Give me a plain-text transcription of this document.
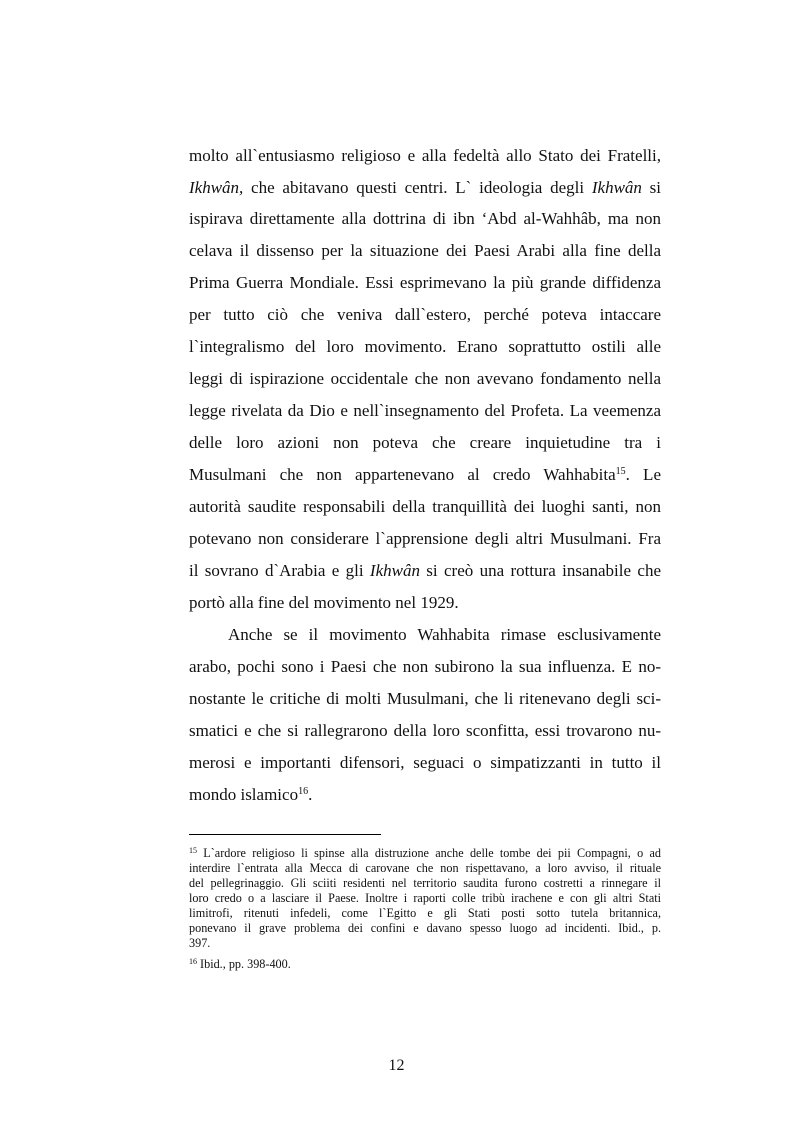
molto all`entusiasmo religioso e alla fedeltà allo Stato dei Fratelli,
Ikhwân, che abitavano questi centri. L` ideologia degli Ikhwân si
ispirava direttamente alla dottrina di ibn ‘Abd al-Wahhâb, ma non
celava il dissenso per la situazione dei Paesi Arabi alla fine della
Prima Guerra Mondiale. Essi esprimevano la più grande diffidenza
per tutto ciò che veniva dall`estero, perché poteva intaccare
l`integralismo del loro movimento. Erano soprattutto ostili alle
leggi di ispirazione occidentale che non avevano fondamento nella
legge rivelata da Dio e nell`insegnamento del Profeta. La veemenza
delle loro azioni non poteva che creare inquietudine tra i
Musulmani che non appartenevano al credo Wahhabita$^{15}$. Le
autorità saudite responsabili della tranquillità dei luoghi santi, non
potevano non considerare l`apprensione degli altri Musulmani. Fra
il sovrano d`Arabia e gli Ikhwân si creò una rottura insanabile che
portò alla fine del movimento nel 1929.
Anche se il movimento Wahhabita rimase esclusivamente
arabo, pochi sono i Paesi che non subirono la sua influenza. E no-
nostante le critiche di molti Musulmani, che li ritenevano degli sci-
smatici e che si rallegrarono della loro sconfitta, essi trovarono nu-
merosi e importanti difensori, seguaci o simpatizzanti in tutto il
mondo islamico$^{16}$.
$^{15}$ L`ardore religioso li spinse alla distruzione anche delle tombe dei pii Compagni, o ad
interdire l`entrata alla Mecca di carovane che non rispettavano, a loro avviso, il rituale
del pellegrinaggio. Gli sciiti residenti nel territorio saudita furono costretti a rinnegare il
loro credo o a lasciare il Paese. Inoltre i raporti colle tribù irachene e con gli altri Stati
limitrofi, ritenuti infedeli, come l`Egitto e gli Stati posti sotto tutela britannica,
ponevano il grave problema dei confini e davano spesso luogo ad incidenti. Ibid., p.
397.
$^{16}$ Ibid., pp. 398-400.
12
